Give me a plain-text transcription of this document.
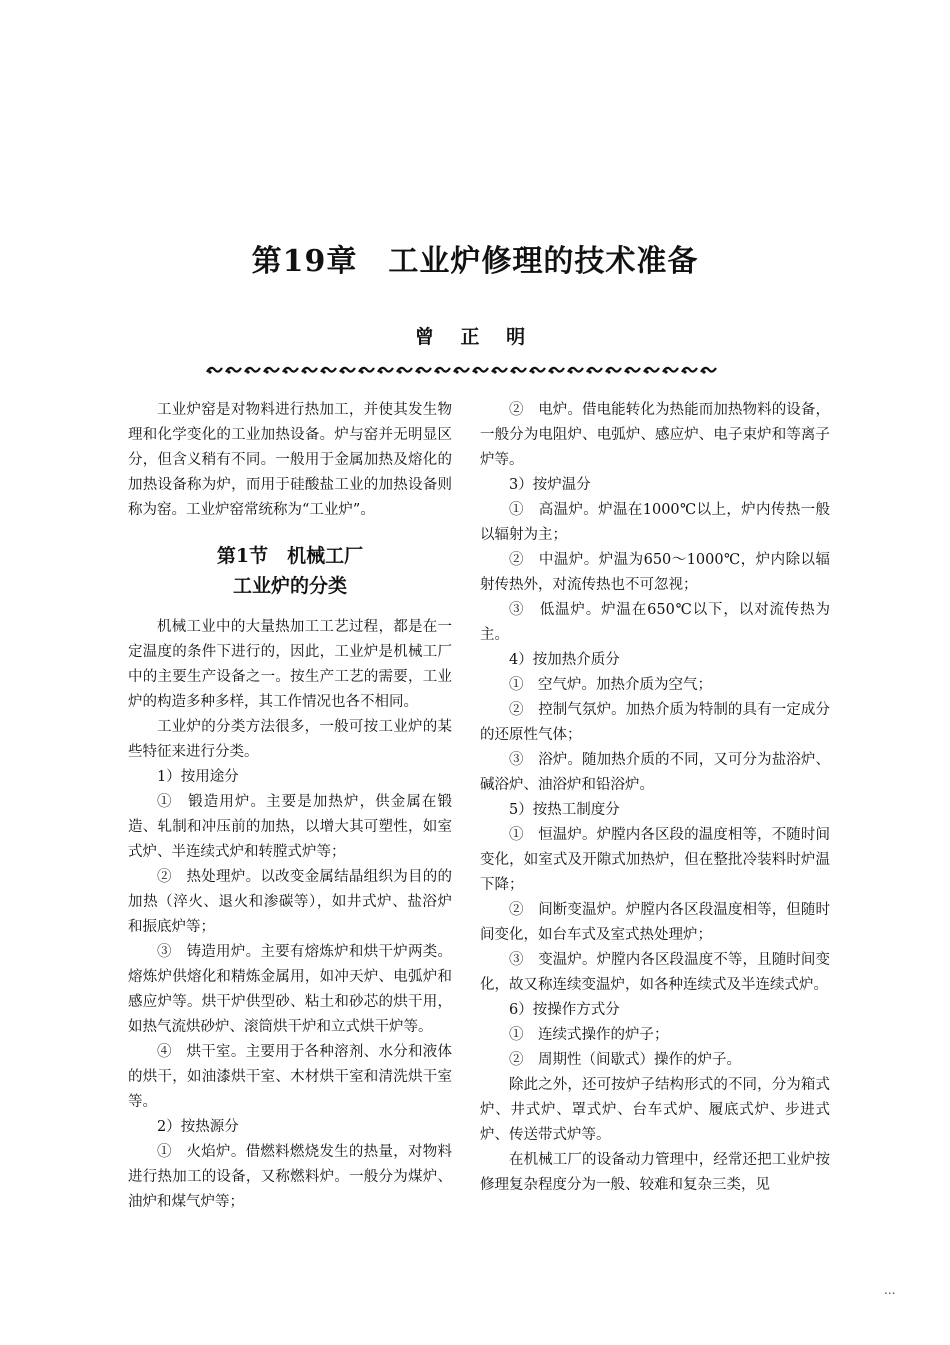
第19章　工业炉修理的技术准备
曾 正 明

工业炉窑是对物料进行热加工，并使其发生物理和化学变化的工业加热设备。炉与窑并无明显区分，但含义稍有不同。一般用于金属加热及熔化的加热设备称为炉，而用于硅酸盐工业的加热设备则称为窑。工业炉窑常统称为“工业炉”。

第1节　机械工厂
工业炉的分类

机械工业中的大量热加工工艺过程，都是在一定温度的条件下进行的，因此，工业炉是机械工厂中的主要生产设备之一。按生产工艺的需要，工业炉的构造多种多样，其工作情况也各不相同。

工业炉的分类方法很多，一般可按工业炉的某些特征来进行分类。

1）按用途分

①　锻造用炉。主要是加热炉，供金属在锻造、轧制和冲压前的加热，以增大其可塑性，如室式炉、半连续式炉和转膛式炉等；

②　热处理炉。以改变金属结晶组织为目的的加热（淬火、退火和渗碳等），如井式炉、盐浴炉和振底炉等；

③　铸造用炉。主要有熔炼炉和烘干炉两类。熔炼炉供熔化和精炼金属用，如冲天炉、电弧炉和感应炉等。烘干炉供型砂、粘土和砂芯的烘干用，如热气流烘砂炉、滚筒烘干炉和立式烘干炉等。

④　烘干室。主要用于各种溶剂、水分和液体的烘干，如油漆烘干室、木材烘干室和清洗烘干室等。

2）按热源分

①　火焰炉。借燃料燃烧发生的热量，对物料进行热加工的设备，又称燃料炉。一般分为煤炉、油炉和煤气炉等；

②　电炉。借电能转化为热能而加热物料的设备，一般分为电阻炉、电弧炉、感应炉、电子束炉和等离子炉等。

3）按炉温分

①　高温炉。炉温在1000℃以上，炉内传热一般以辐射为主；

②　中温炉。炉温为650～1000℃，炉内除以辐射传热外，对流传热也不可忽视；

③　低温炉。炉温在650℃以下，以对流传热为主。

4）按加热介质分

①　空气炉。加热介质为空气；

②　控制气氛炉。加热介质为特制的具有一定成分的还原性气体；

③　浴炉。随加热介质的不同，又可分为盐浴炉、碱浴炉、油浴炉和铅浴炉。

5）按热工制度分

①　恒温炉。炉膛内各区段的温度相等，不随时间变化，如室式及开隙式加热炉，但在整批冷装料时炉温下降；

②　间断变温炉。炉膛内各区段温度相等，但随时间变化，如台车式及室式热处理炉；

③　变温炉。炉膛内各区段温度不等，且随时间变化，故又称连续变温炉，如各种连续式及半连续式炉。

6）按操作方式分

①　连续式操作的炉子；

②　周期性（间歇式）操作的炉子。

除此之外，还可按炉子结构形式的不同，分为箱式炉、井式炉、罩式炉、台车式炉、履底式炉、步进式炉、传送带式炉等。

在机械工厂的设备动力管理中，经常还把工业炉按修理复杂程度分为一般、较难和复杂三类，见

...
